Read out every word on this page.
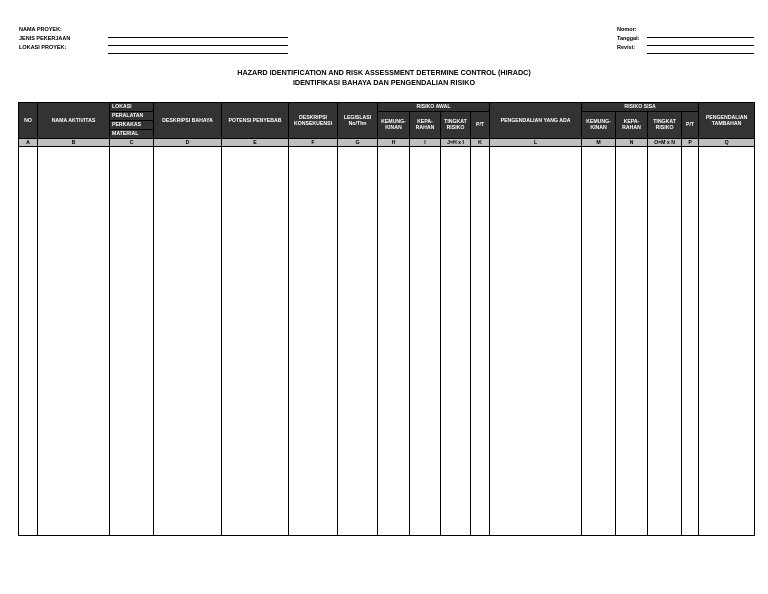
NAMA PROYEK:
JENIS PEKERJAAN
LOKASI PROYEK:
Nomor:
Tanggal:
Revisi:
HAZARD IDENTIFICATION AND RISK ASSESSMENT DETERMINE CONTROL (HIRADC)
IDENTIFIKASI BAHAYA DAN PENGENDALIAN RISIKO
NO	NAMA AKTIVITAS	LOKASI	DESKRIPSI BAHAYA	POTENSI PENYEBAB	DESKRIPSI KONSEKUENSI	LEGISLASI No/Thn	RISIKO AWAL				PENGENDALIAN YANG ADA	RISIKO SISA				PENGENDALIAN TAMBAHAN
		PERALATAN					KEMUNG-KINAN	KEPA-RAHAN	TINGKAT RISIKO	P/T		KEMUNG-KINAN	KEPA-RAHAN	TINGKAT RISIKO	P/T	
		PERKAKAS														
		MATERIAL														
A	B	C	D	E	F	G	H	I	J=H x I	K	L	M	N	O=M x N	P	Q
